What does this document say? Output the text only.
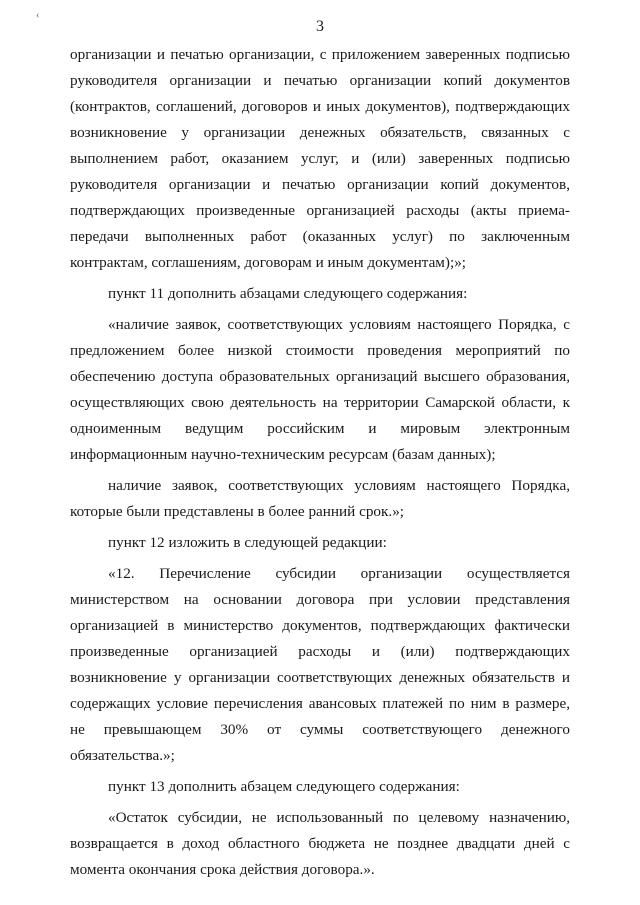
‹
3

организации и печатью организации, с приложением заверенных подписью руководителя организации и печатью организации копий документов (контрактов, соглашений, договоров и иных документов), подтверждающих возникновение у организации денежных обязательств, связанных с выполнением работ, оказанием услуг, и (или) заверенных подписью руководителя организации и печатью организации копий документов, подтверждающих произведенные организацией расходы (акты приема-передачи выполненных работ (оказанных услуг) по заключенным контрактам, соглашениям, договорам и иным документам);»;

пункт 11 дополнить абзацами следующего содержания:

«наличие заявок, соответствующих условиям настоящего Порядка, с предложением более низкой стоимости проведения мероприятий по обеспечению доступа образовательных организаций высшего образования, осуществляющих свою деятельность на территории Самарской области, к одноименным ведущим российским и мировым электронным информационным научно-техническим ресурсам (базам данных);

наличие заявок, соответствующих условиям настоящего Порядка, которые были представлены в более ранний срок.»;

пункт 12 изложить в следующей редакции:

«12. Перечисление субсидии организации осуществляется министерством на основании договора при условии представления организацией в министерство документов, подтверждающих фактически произведенные организацией расходы и (или) подтверждающих возникновение у организации соответствующих денежных обязательств и содержащих условие перечисления авансовых платежей по ним в размере, не превышающем 30% от суммы соответствующего денежного обязательства.»;

пункт 13 дополнить абзацем следующего содержания:

«Остаток субсидии, не использованный по целевому назначению, возвращается в доход областного бюджета не позднее двадцати дней с момента окончания срока действия договора.».
